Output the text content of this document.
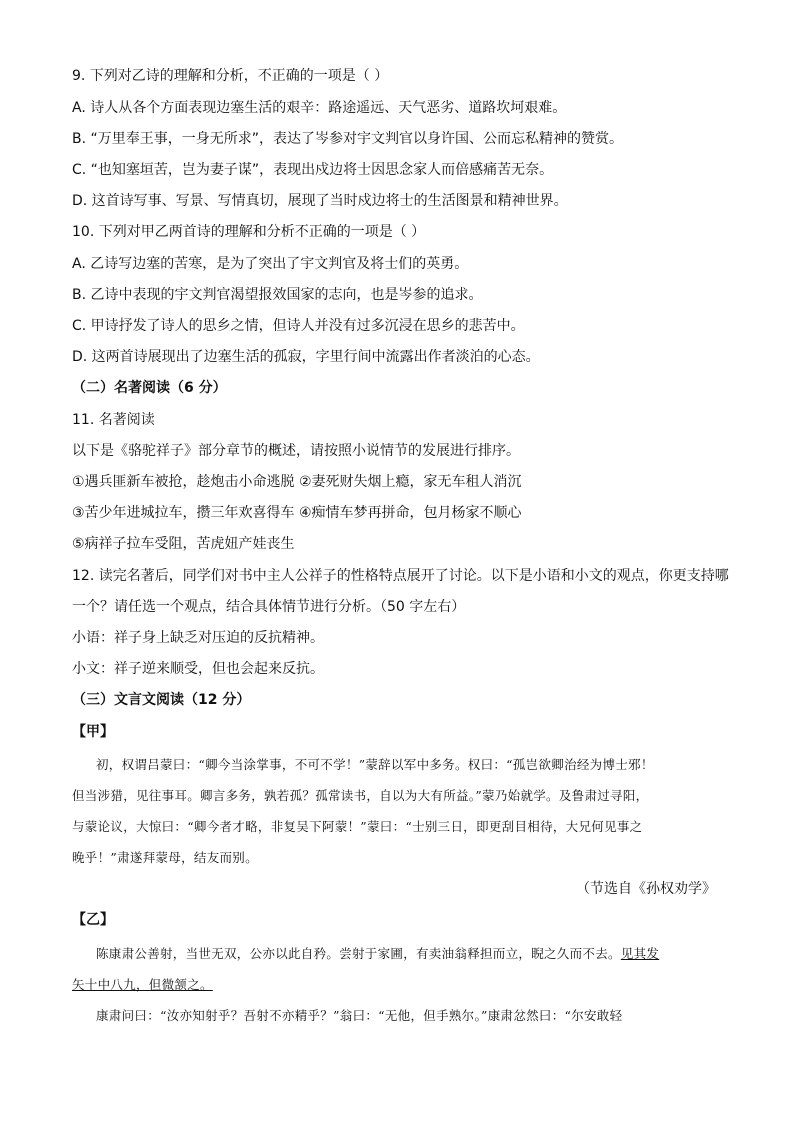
9. 下列对乙诗的理解和分析，不正确的一项是（ ）
A. 诗人从各个方面表现边塞生活的艰辛：路途遥远、天气恶劣、道路坎坷艰难。
B. “万里奉王事，一身无所求”，表达了岑参对宇文判官以身许国、公而忘私精神的赞赏。
C. “也知塞垣苦，岂为妻子谋”，表现出戍边将士因思念家人而倍感痛苦无奈。
D. 这首诗写事、写景、写情真切，展现了当时戍边将士的生活图景和精神世界。
10. 下列对甲乙两首诗的理解和分析不正确的一项是（ ）
A. 乙诗写边塞的苦寒，是为了突出了宇文判官及将士们的英勇。
B. 乙诗中表现的宇文判官渴望报效国家的志向，也是岑参的追求。
C. 甲诗抒发了诗人的思乡之情，但诗人并没有过多沉浸在思乡的悲苦中。
D. 这两首诗展现出了边塞生活的孤寂，字里行间中流露出作者淡泊的心态。
（二）名著阅读（6 分）
11. 名著阅读
以下是《骆驼祥子》部分章节的概述，请按照小说情节的发展进行排序。
①遇兵匪新车被抢，趁炮击小命逃脱 ②妻死财失烟上瘾，家无车租人消沉
③苦少年进城拉车，攒三年欢喜得车 ④痴情车梦再拼命，包月杨家不顺心
⑤病祥子拉车受阻，苦虎妞产娃丧生
12. 读完名著后，同学们对书中主人公祥子的性格特点展开了讨论。以下是小语和小文的观点，你更支持哪
一个？请任选一个观点，结合具体情节进行分析。（50 字左右）
小语：祥子身上缺乏对压迫的反抗精神。
小文：祥子逆来顺受，但也会起来反抗。
（三）文言文阅读（12 分）
【甲】
初，权谓吕蒙曰：“卿今当涂掌事，不可不学！”蒙辞以军中多务。权曰：“孤岂欲卿治经为博士邪！
但当涉猎，见往事耳。卿言多务，孰若孤？孤常读书，自以为大有所益。”蒙乃始就学。及鲁肃过寻阳，
与蒙论议，大惊曰：“卿今者才略，非复吴下阿蒙！”蒙曰：“士别三日，即更刮目相待，大兄何见事之
晚乎！”肃遂拜蒙母，结友而别。
（节选自《孙权劝学》
【乙】
陈康肃公善射，当世无双，公亦以此自矜。尝射于家圃，有卖油翁释担而立，睨之久而不去。见其发
矢十中八九，但微颔之。
康肃问曰：“汝亦知射乎？吾射不亦精乎？”翁曰：“无他，但手熟尔。”康肃忿然曰：“尔安敢轻
